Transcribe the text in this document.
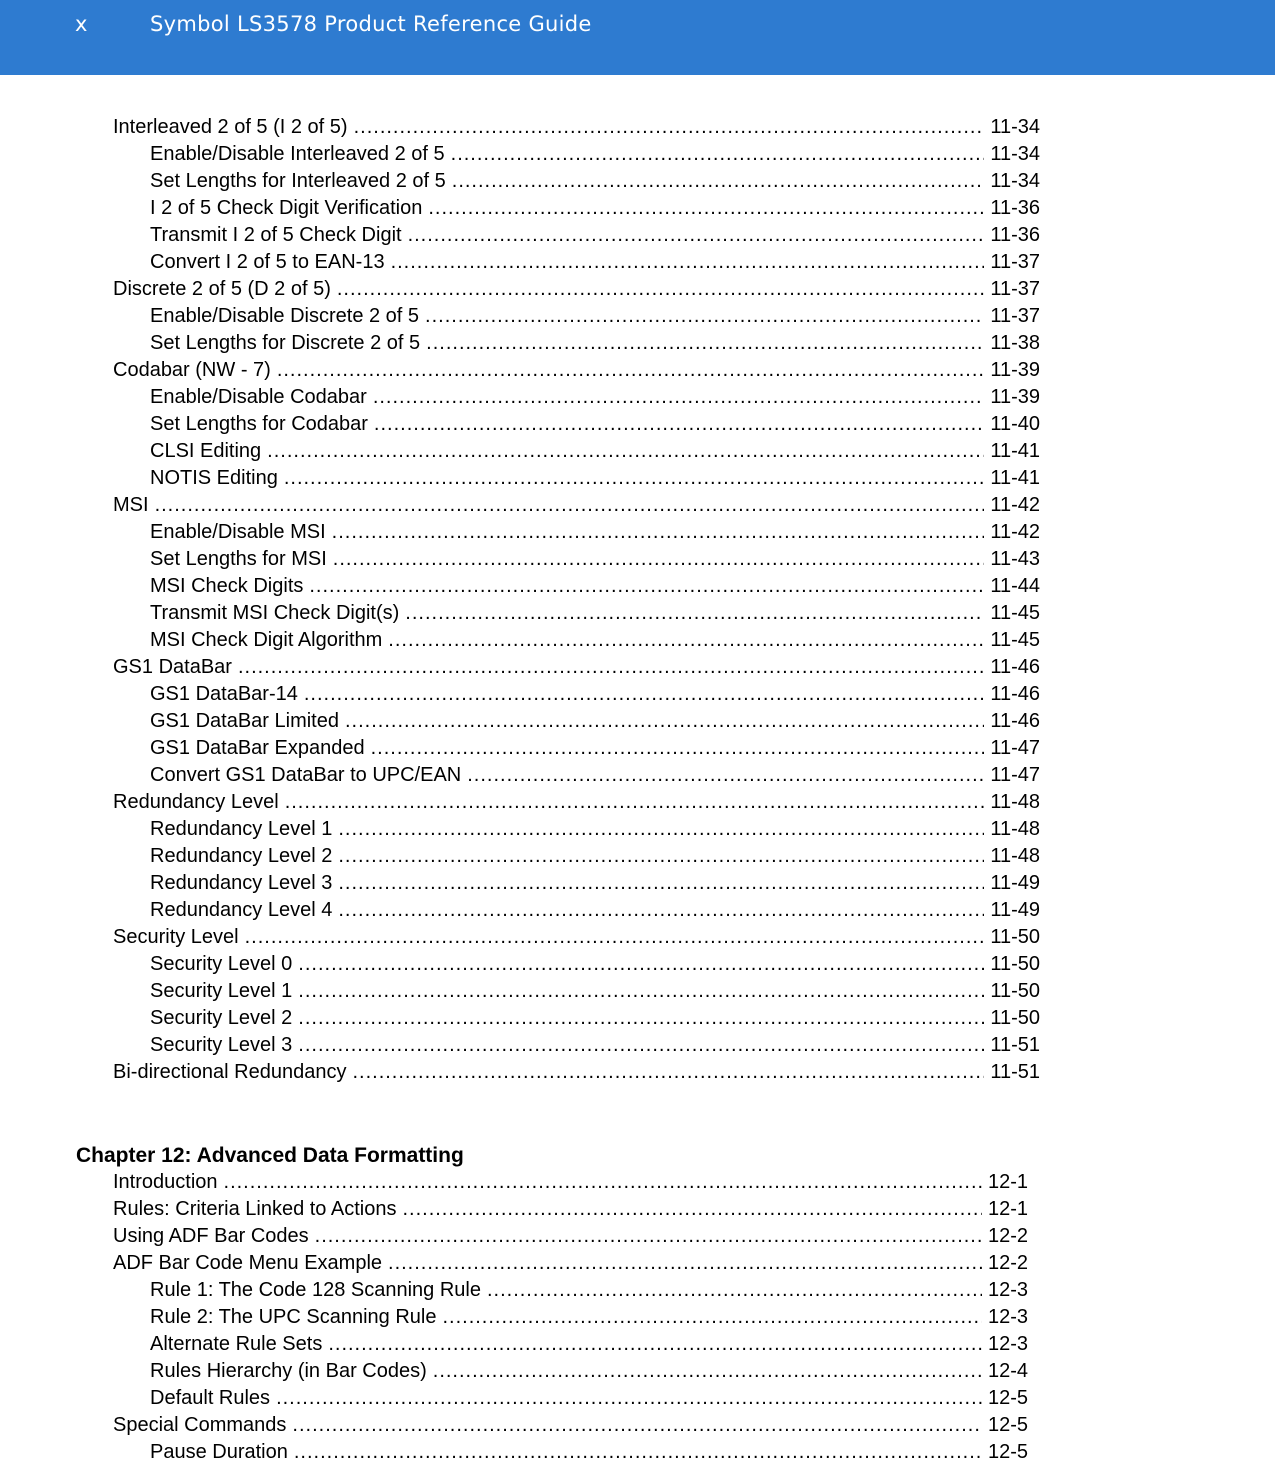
x	Symbol LS3578 Product Reference Guide
Interleaved 2 of 5 (I 2 of 5) .....	11-34
Enable/Disable Interleaved 2 of 5 .....	11-34
Set Lengths for Interleaved 2 of 5 .....	11-34
I 2 of 5 Check Digit Verification .....	11-36
Transmit I 2 of 5 Check Digit .....	11-36
Convert I 2 of 5 to EAN-13 .....	11-37
Discrete 2 of 5 (D 2 of 5) .....	11-37
Enable/Disable Discrete 2 of 5 .....	11-37
Set Lengths for Discrete 2 of 5 .....	11-38
Codabar (NW - 7) .....	11-39
Enable/Disable Codabar .....	11-39
Set Lengths for Codabar .....	11-40
CLSI Editing .....	11-41
NOTIS Editing .....	11-41
MSI .....	11-42
Enable/Disable MSI .....	11-42
Set Lengths for MSI .....	11-43
MSI Check Digits .....	11-44
Transmit MSI Check Digit(s) .....	11-45
MSI Check Digit Algorithm .....	11-45
GS1 DataBar .....	11-46
GS1 DataBar-14 .....	11-46
GS1 DataBar Limited .....	11-46
GS1 DataBar Expanded .....	11-47
Convert GS1 DataBar to UPC/EAN .....	11-47
Redundancy Level .....	11-48
Redundancy Level 1 .....	11-48
Redundancy Level 2 .....	11-48
Redundancy Level 3 .....	11-49
Redundancy Level 4 .....	11-49
Security Level .....	11-50
Security Level 0 .....	11-50
Security Level 1 .....	11-50
Security Level 2 .....	11-50
Security Level 3 .....	11-51
Bi-directional Redundancy .....	11-51
Chapter 12: Advanced Data Formatting
Introduction .....	12-1
Rules: Criteria Linked to Actions .....	12-1
Using ADF Bar Codes .....	12-2
ADF Bar Code Menu Example .....	12-2
Rule 1: The Code 128 Scanning Rule .....	12-3
Rule 2: The UPC Scanning Rule .....	12-3
Alternate Rule Sets .....	12-3
Rules Hierarchy (in Bar Codes) .....	12-4
Default Rules .....	12-5
Special Commands .....	12-5
Pause Duration .....	12-5
